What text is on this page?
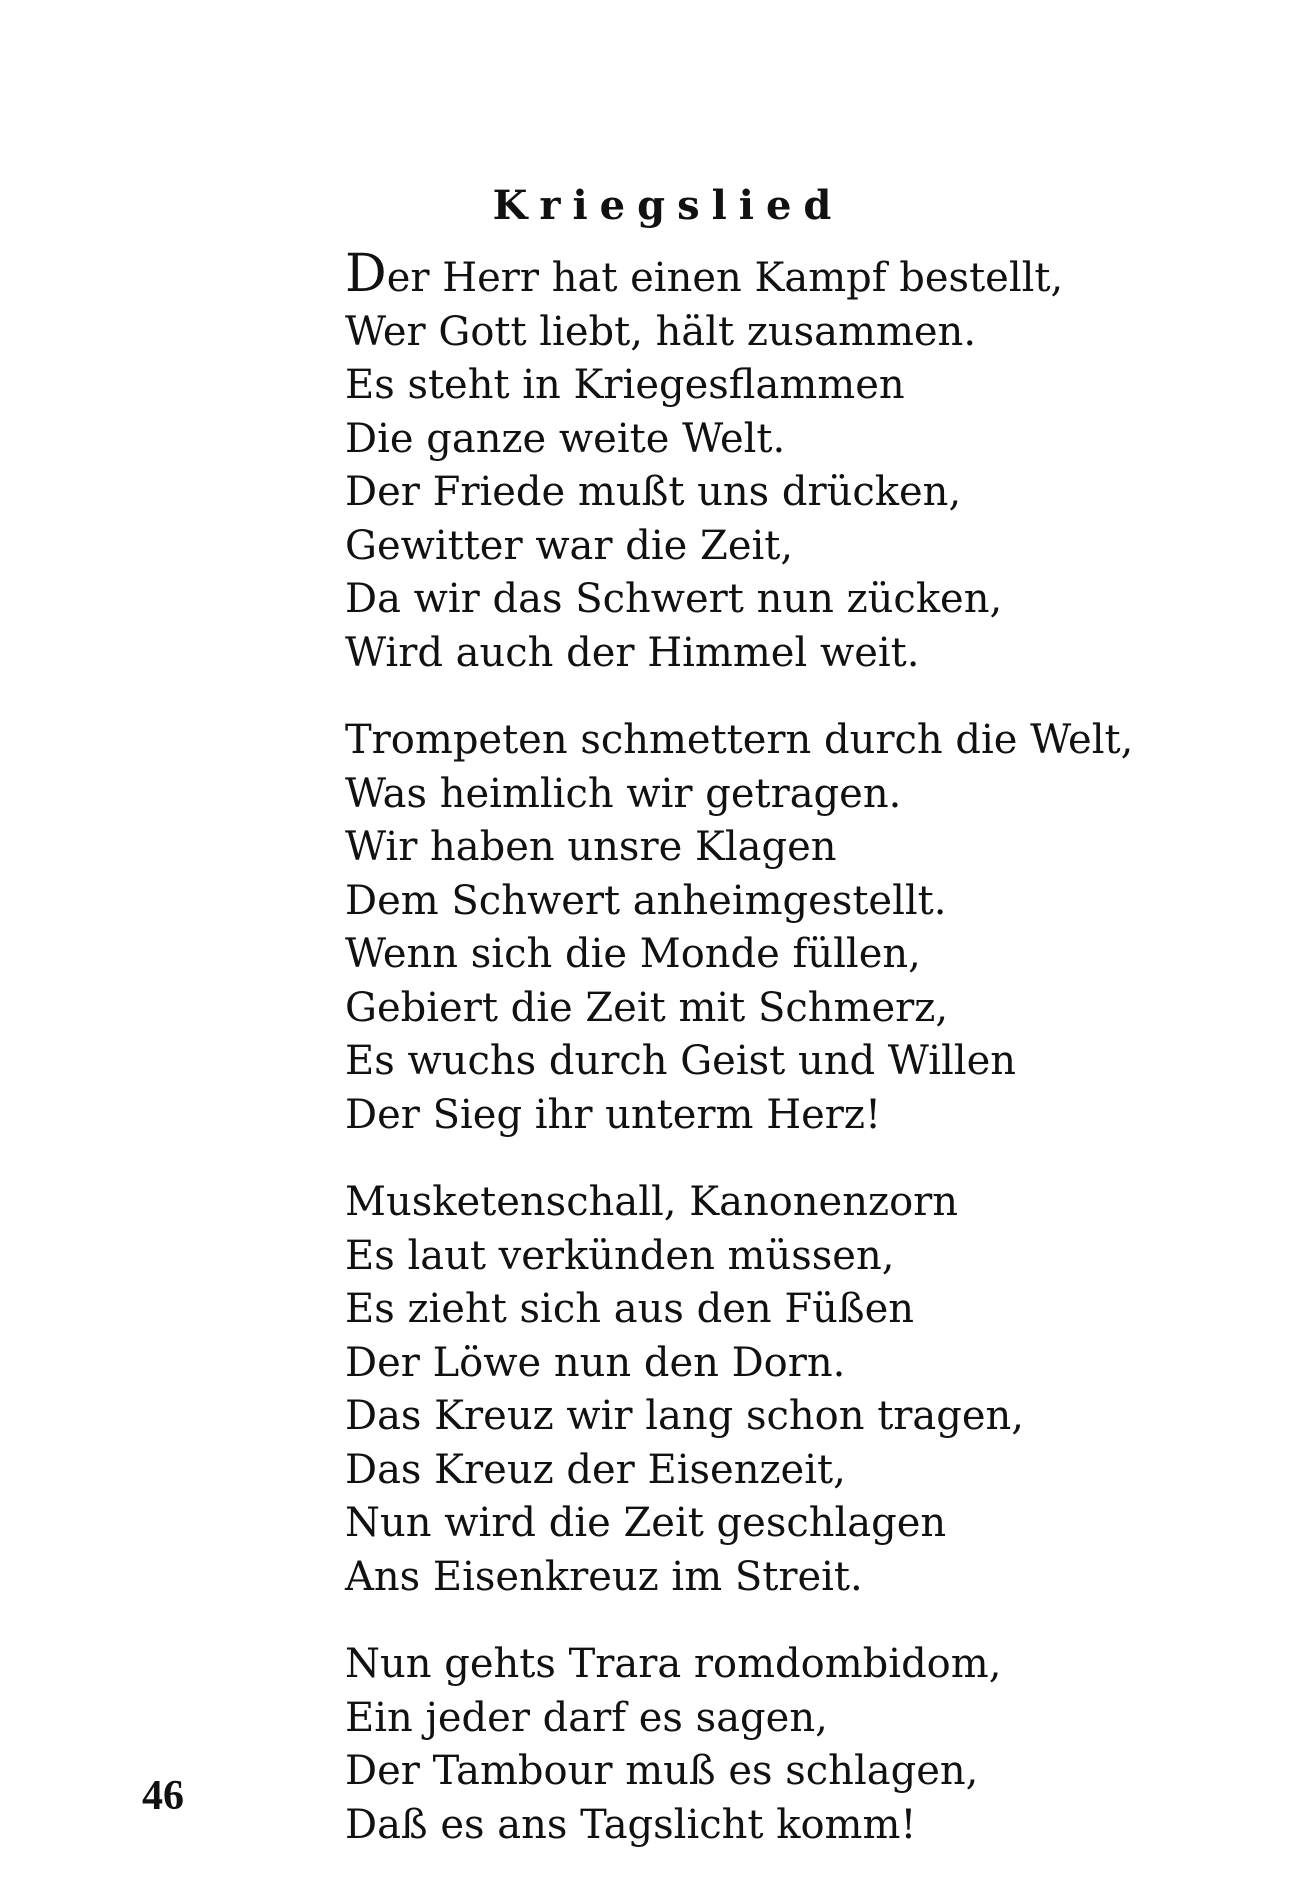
Kriegslied
Der Herr hat einen Kampf bestellt,
Wer Gott liebt, hält zusammen.
Es steht in Kriegesflammen
Die ganze weite Welt.
Der Friede mußt uns drücken,
Gewitter war die Zeit,
Da wir das Schwert nun zücken,
Wird auch der Himmel weit.
Trompeten schmettern durch die Welt,
Was heimlich wir getragen.
Wir haben unsre Klagen
Dem Schwert anheimgestellt.
Wenn sich die Monde füllen,
Gebiert die Zeit mit Schmerz,
Es wuchs durch Geist und Willen
Der Sieg ihr unterm Herz!
Musketenschall, Kanonenzorn
Es laut verkünden müssen,
Es zieht sich aus den Füßen
Der Löwe nun den Dorn.
Das Kreuz wir lang schon tragen,
Das Kreuz der Eisenzeit,
Nun wird die Zeit geschlagen
Ans Eisenkreuz im Streit.
Nun gehts Trara romdombidom,
Ein jeder darf es sagen,
Der Tambour muß es schlagen,
Daß es ans Tagslicht komm!
46
